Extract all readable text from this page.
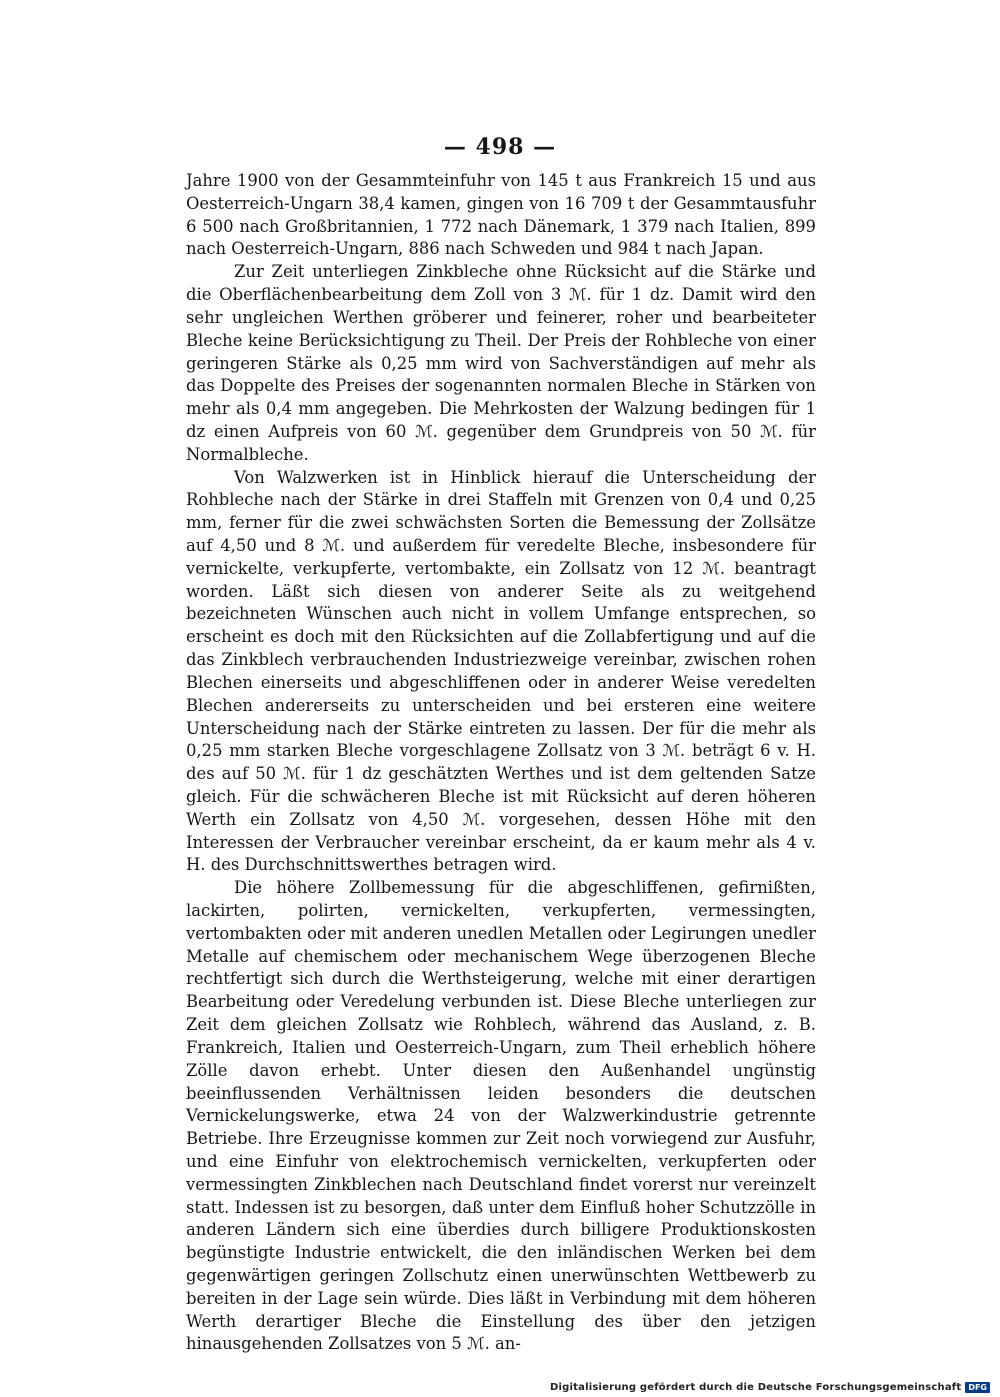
— 498 —

Jahre 1900 von der Gesammteinfuhr von 145 t aus Frankreich 15 und aus Oesterreich-Ungarn 38,4 kamen, gingen von 16 709 t der Gesammtausfuhr 6 500 nach Großbritannien, 1 772 nach Dänemark, 1 379 nach Italien, 899 nach Oesterreich-Ungarn, 886 nach Schweden und 984 t nach Japan.

Zur Zeit unterliegen Zinkbleche ohne Rücksicht auf die Stärke und die Oberflächenbearbeitung dem Zoll von 3 ℳ. für 1 dz. Damit wird den sehr ungleichen Werthen gröberer und feinerer, roher und bearbeiteter Bleche keine Berücksichtigung zu Theil. Der Preis der Rohbleche von einer geringeren Stärke als 0,25 mm wird von Sachverständigen auf mehr als das Doppelte des Preises der sogenannten normalen Bleche in Stärken von mehr als 0,4 mm angegeben. Die Mehrkosten der Walzung bedingen für 1 dz einen Aufpreis von 60 ℳ. gegenüber dem Grundpreis von 50 ℳ. für Normalbleche.

Von Walzwerken ist in Hinblick hierauf die Unterscheidung der Rohbleche nach der Stärke in drei Staffeln mit Grenzen von 0,4 und 0,25 mm, ferner für die zwei schwächsten Sorten die Bemessung der Zollsätze auf 4,50 und 8 ℳ. und außerdem für veredelte Bleche, insbesondere für vernickelte, verkupferte, vertombakte, ein Zollsatz von 12 ℳ. beantragt worden. Läßt sich diesen von anderer Seite als zu weitgehend bezeichneten Wünschen auch nicht in vollem Umfange entsprechen, so erscheint es doch mit den Rücksichten auf die Zollabfertigung und auf die das Zinkblech verbrauchenden Industriezweige vereinbar, zwischen rohen Blechen einerseits und abgeschliffenen oder in anderer Weise veredelten Blechen andererseits zu unterscheiden und bei ersteren eine weitere Unterscheidung nach der Stärke eintreten zu lassen. Der für die mehr als 0,25 mm starken Bleche vorgeschlagene Zollsatz von 3 ℳ. beträgt 6 v. H. des auf 50 ℳ. für 1 dz geschätzten Werthes und ist dem geltenden Satze gleich. Für die schwächeren Bleche ist mit Rücksicht auf deren höheren Werth ein Zollsatz von 4,50 ℳ. vorgesehen, dessen Höhe mit den Interessen der Verbraucher vereinbar erscheint, da er kaum mehr als 4 v. H. des Durchschnittswerthes betragen wird.

Die höhere Zollbemessung für die abgeschliffenen, gefirnißten, lackirten, polirten, vernickelten, verkupferten, vermessingten, vertombakten oder mit anderen unedlen Metallen oder Legirungen unedler Metalle auf chemischem oder mechanischem Wege überzogenen Bleche rechtfertigt sich durch die Werthsteigerung, welche mit einer derartigen Bearbeitung oder Veredelung verbunden ist. Diese Bleche unterliegen zur Zeit dem gleichen Zollsatz wie Rohblech, während das Ausland, z. B. Frankreich, Italien und Oesterreich-Ungarn, zum Theil erheblich höhere Zölle davon erhebt. Unter diesen den Außenhandel ungünstig beeinflussenden Verhältnissen leiden besonders die deutschen Vernickelungswerke, etwa 24 von der Walzwerkindustrie getrennte Betriebe. Ihre Erzeugnisse kommen zur Zeit noch vorwiegend zur Ausfuhr, und eine Einfuhr von elektrochemisch vernickelten, verkupferten oder vermessingten Zinkblechen nach Deutschland findet vorerst nur vereinzelt statt. Indessen ist zu besorgen, daß unter dem Einfluß hoher Schutzzölle in anderen Ländern sich eine überdies durch billigere Produktionskosten begünstigte Industrie entwickelt, die den inländischen Werken bei dem gegenwärtigen geringen Zollschutz einen unerwünschten Wettbewerb zu bereiten in der Lage sein würde. Dies läßt in Verbindung mit dem höheren Werth derartiger Bleche die Einstellung des über den jetzigen hinausgehenden Zollsatzes von 5 ℳ. an-

Digitalisierung gefördert durch die Deutsche Forschungsgemeinschaft DFG
